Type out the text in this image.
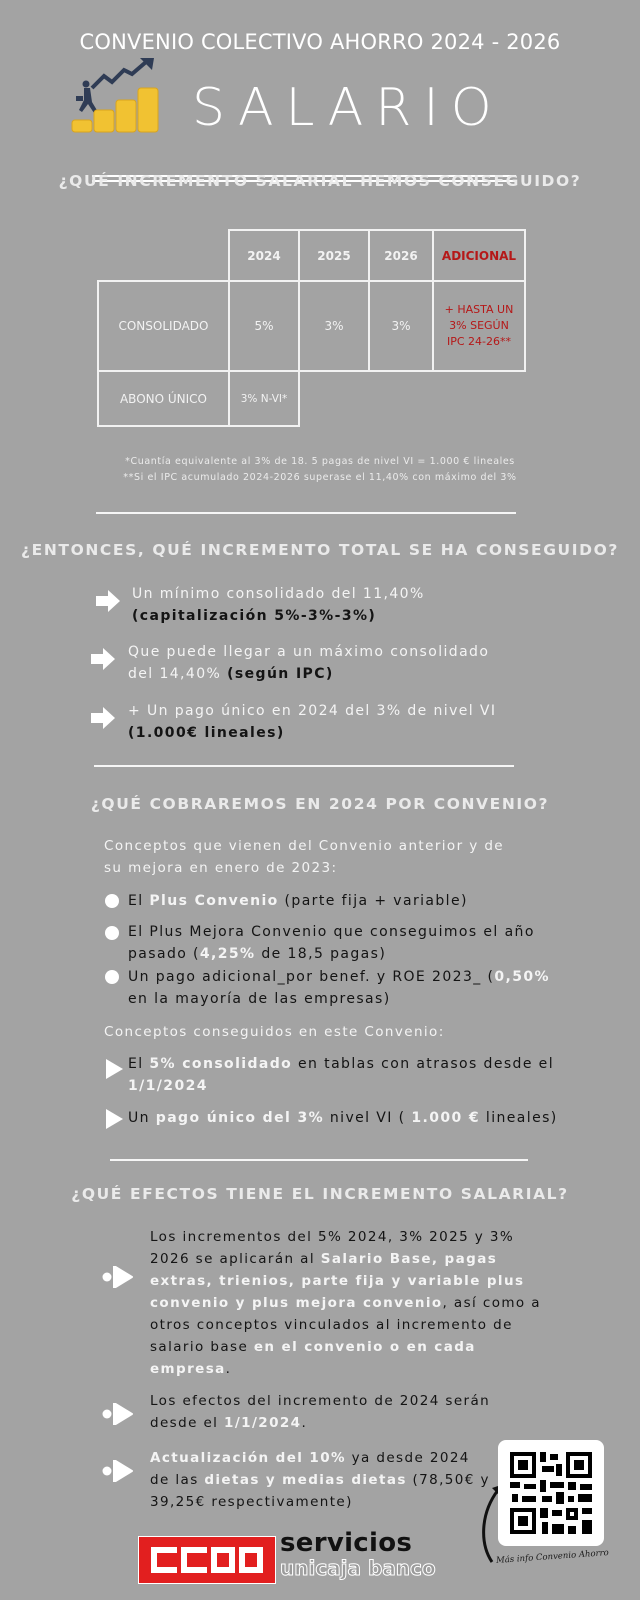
CONVENIO COLECTIVO AHORRO 2024 - 2026
SALARIO
¿QUÉ INCREMENTO SALARIAL HEMOS CONSEGUIDO?
	2024	2025	2026	ADICIONAL
CONSOLIDADO	5%	3%	3%	+ HASTA UN 3% SEGÚN IPC 24-26**
ABONO ÚNICO	3% N-VI*			
*Cuantía equivalente al 3% de 18. 5 pagas de nivel VI = 1.000 € lineales
**Si el IPC acumulado 2024-2026 superase el 11,40% con máximo del 3%
¿ENTONCES, QUÉ INCREMENTO TOTAL SE HA CONSEGUIDO?
Un mínimo consolidado del 11,40%
(capitalización 5%-3%-3%)
Que puede llegar a un máximo consolidado
del 14,40% (según IPC)
+ Un pago único en 2024 del 3% de nivel VI
(1.000€ lineales)
¿QUÉ COBRAREMOS EN 2024 POR CONVENIO?
Conceptos que vienen del Convenio anterior y de
su mejora en enero de 2023:
El Plus Convenio (parte fija + variable)
El Plus Mejora Convenio que conseguimos el año
pasado (4,25% de 18,5 pagas)
Un pago adicional_por benef. y ROE 2023_ (0,50%
en la mayoría de las empresas)
Conceptos conseguidos en este Convenio:
El 5% consolidado en tablas con atrasos desde el
1/1/2024
Un pago único del 3% nivel VI ( 1.000 € lineales)
¿QUÉ EFECTOS TIENE EL INCREMENTO SALARIAL?
Los incrementos del 5% 2024, 3% 2025 y 3%
2026 se aplicarán al Salario Base, pagas
extras, trienios, parte fija y variable plus
convenio y plus mejora convenio, así como a
otros conceptos vinculados al incremento de
salario base en el convenio o en cada
empresa.
Los efectos del incremento de 2024 serán
desde el 1/1/2024.
Actualización del 10% ya desde 2024
de las dietas y medias dietas (78,50€ y
39,25€ respectivamente)
Más info Convenio Ahorro
servicios
unicaja banco
